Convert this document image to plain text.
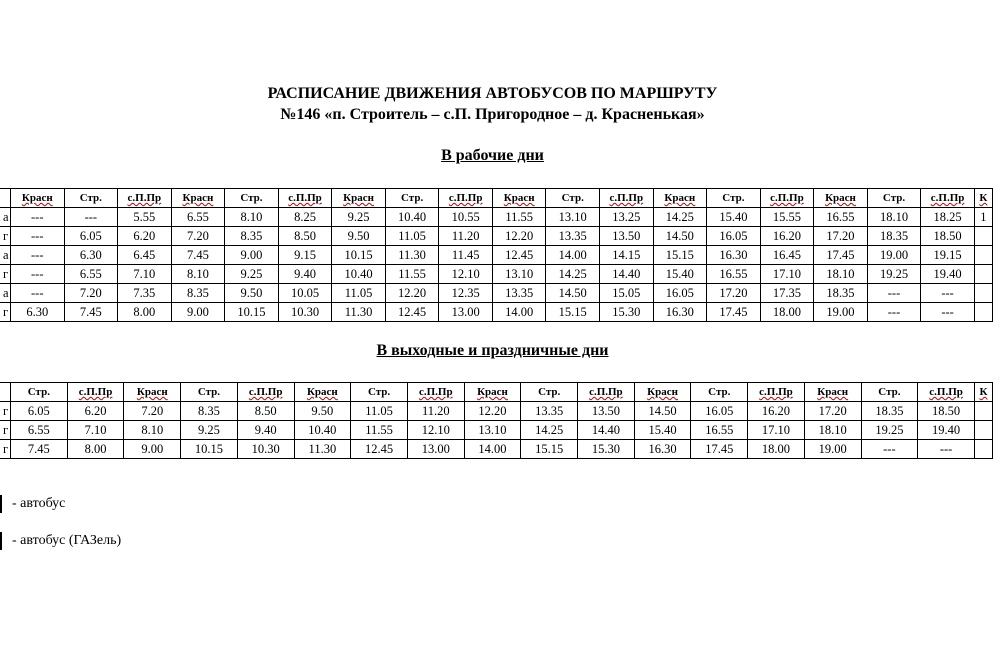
РАСПИСАНИЕ ДВИЖЕНИЯ АВТОБУСОВ ПО МАРШРУТУ
№146 «п. Строитель – с.П. Пригородное – д. Красненькая»
В рабочие дни
	Красн	Стр.	с.П.Пр	Красн	Стр.	с.П.Пр	Красн	Стр.	с.П.Пр	Красн	Стр.	с.П.Пр	Красн	Стр.	с.П.Пр	Красн	Стр.	с.П.Пр	К
а	---	---	5.55	6.55	8.10	8.25	9.25	10.40	10.55	11.55	13.10	13.25	14.25	15.40	15.55	16.55	18.10	18.25	1
г	---	6.05	6.20	7.20	8.35	8.50	9.50	11.05	11.20	12.20	13.35	13.50	14.50	16.05	16.20	17.20	18.35	18.50	
а	---	6.30	6.45	7.45	9.00	9.15	10.15	11.30	11.45	12.45	14.00	14.15	15.15	16.30	16.45	17.45	19.00	19.15	
г	---	6.55	7.10	8.10	9.25	9.40	10.40	11.55	12.10	13.10	14.25	14.40	15.40	16.55	17.10	18.10	19.25	19.40	
а	---	7.20	7.35	8.35	9.50	10.05	11.05	12.20	12.35	13.35	14.50	15.05	16.05	17.20	17.35	18.35	---	---	
г	6.30	7.45	8.00	9.00	10.15	10.30	11.30	12.45	13.00	14.00	15.15	15.30	16.30	17.45	18.00	19.00	---	---	
В выходные и праздничные дни
	Стр.	с.П.Пр	Красн	Стр.	с.П.Пр	Красн	Стр.	с.П.Пр	Красн	Стр.	с.П.Пр	Красн	Стр.	с.П.Пр	Красн	Стр.	с.П.Пр	К
г	6.05	6.20	7.20	8.35	8.50	9.50	11.05	11.20	12.20	13.35	13.50	14.50	16.05	16.20	17.20	18.35	18.50	
г	6.55	7.10	8.10	9.25	9.40	10.40	11.55	12.10	13.10	14.25	14.40	15.40	16.55	17.10	18.10	19.25	19.40	
г	7.45	8.00	9.00	10.15	10.30	11.30	12.45	13.00	14.00	15.15	15.30	16.30	17.45	18.00	19.00	---	---	
- автобус
- автобус (ГАЗель)
